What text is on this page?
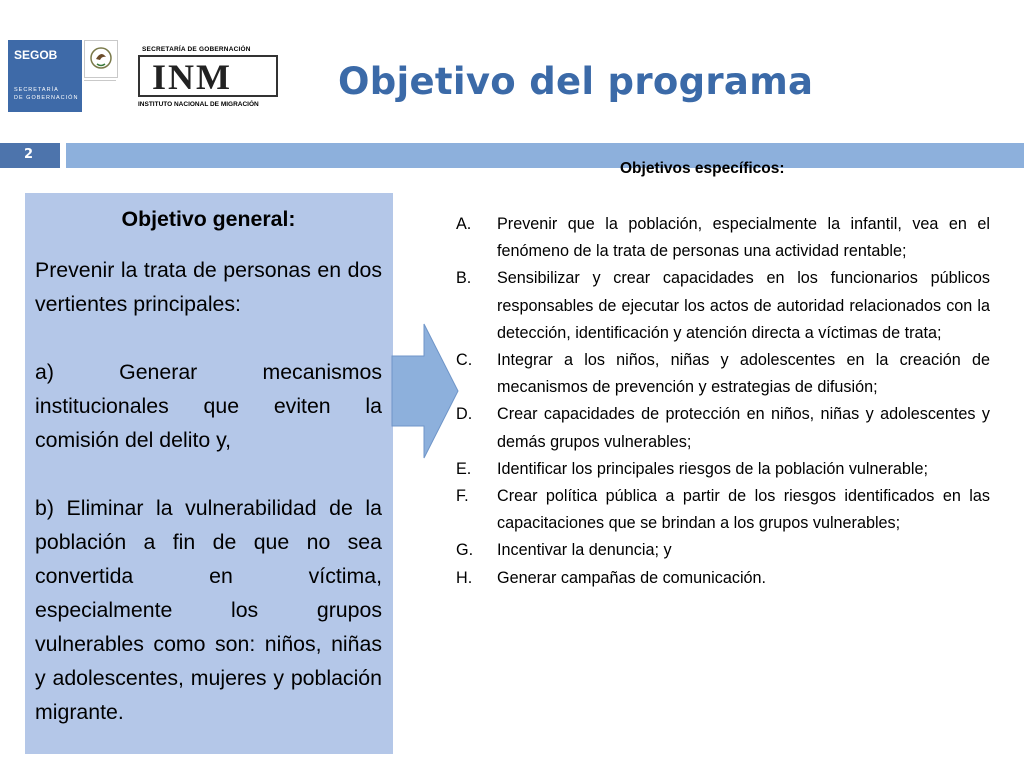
SEGOB
SECRETARÍA
DE GOBERNACIÓN
SECRETARÍA DE GOBERNACIÓN
INM
INSTITUTO NACIONAL DE MIGRACIÓN
Objetivo del programa
2
Objetivo general:

Prevenir la trata de personas en dos vertientes principales:

a) Generar mecanismos institucionales que eviten la comisión del delito y,

b) Eliminar la vulnerabilidad de la población a fin de que no sea convertida en víctima, especialmente los grupos vulnerables como son: niños, niñas y adolescentes, mujeres y población migrante.

Objetivos específicos:
A.	Prevenir que la población, especialmente la infantil, vea en el fenómeno de la trata de personas una actividad rentable;
B.	Sensibilizar y crear capacidades en los funcionarios públicos responsables de ejecutar los actos de autoridad relacionados con la detección, identificación y atención directa a víctimas de trata;
C.	Integrar a los niños, niñas y adolescentes en la creación de mecanismos de prevención y estrategias de difusión;
D.	Crear capacidades de protección en niños, niñas y adolescentes y demás grupos vulnerables;
E.	Identificar los principales riesgos de la población vulnerable;
F.	Crear política pública a partir de los riesgos identificados en las capacitaciones que se brindan a los grupos vulnerables;
G.	Incentivar la denuncia; y
H.	Generar campañas de comunicación.
